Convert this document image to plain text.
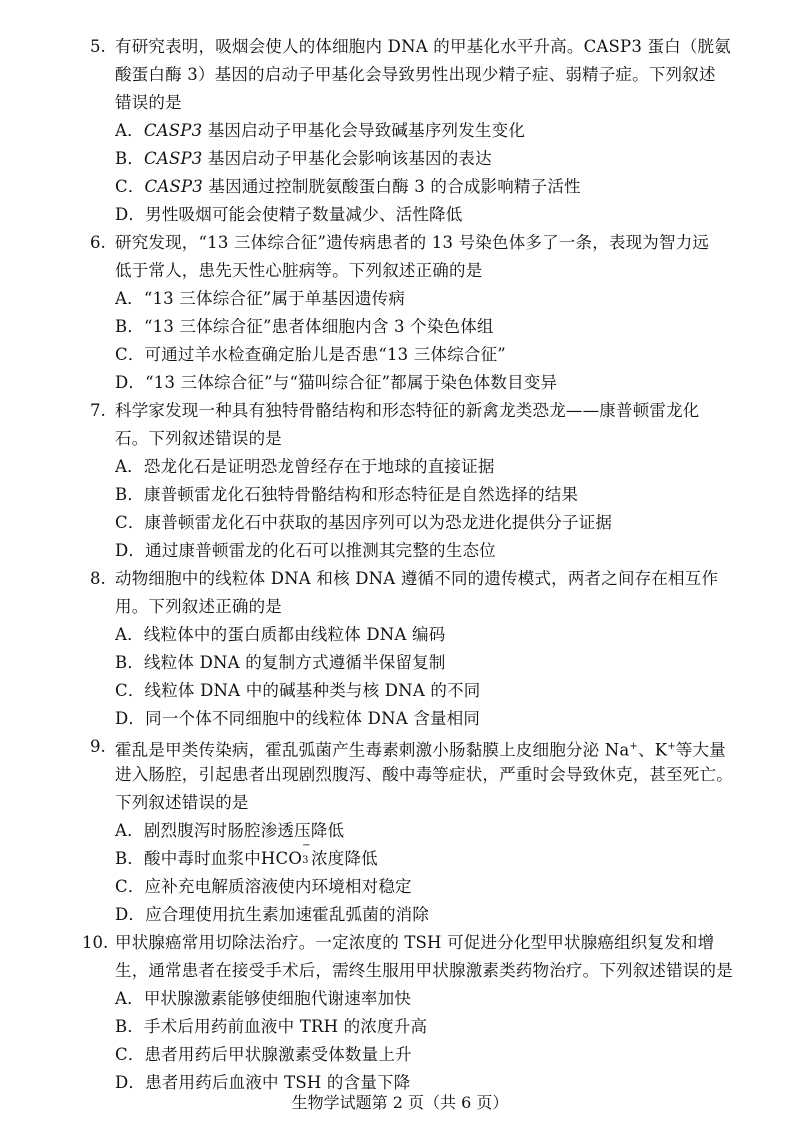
5. 有研究表明，吸烟会使人的体细胞内 DNA 的甲基化水平升高。CASP3 蛋白（胱氨
酸蛋白酶 3）基因的启动子甲基化会导致男性出现少精子症、弱精子症。下列叙述
错误的是
A．CASP3 基因启动子甲基化会导致碱基序列发生变化
B．CASP3 基因启动子甲基化会影响该基因的表达
C．CASP3 基因通过控制胱氨酸蛋白酶 3 的合成影响精子活性
D．男性吸烟可能会使精子数量减少、活性降低
6. 研究发现，“13 三体综合征”遗传病患者的 13 号染色体多了一条，表现为智力远
低于常人，患先天性心脏病等。下列叙述正确的是
A．“13 三体综合征”属于单基因遗传病
B．“13 三体综合征”患者体细胞内含 3 个染色体组
C．可通过羊水检查确定胎儿是否患“13 三体综合征”
D．“13 三体综合征”与“猫叫综合征”都属于染色体数目变异
7. 科学家发现一种具有独特骨骼结构和形态特征的新禽龙类恐龙——康普顿雷龙化
石。下列叙述错误的是
A．恐龙化石是证明恐龙曾经存在于地球的直接证据
B．康普顿雷龙化石独特骨骼结构和形态特征是自然选择的结果
C．康普顿雷龙化石中获取的基因序列可以为恐龙进化提供分子证据
D．通过康普顿雷龙的化石可以推测其完整的生态位
8. 动物细胞中的线粒体 DNA 和核 DNA 遵循不同的遗传模式，两者之间存在相互作
用。下列叙述正确的是
A．线粒体中的蛋白质都由线粒体 DNA 编码
B．线粒体 DNA 的复制方式遵循半保留复制
C．线粒体 DNA 中的碱基种类与核 DNA 的不同
D．同一个体不同细胞中的线粒体 DNA 含量相同
9. 霍乱是甲类传染病，霍乱弧菌产生毒素刺激小肠黏膜上皮细胞分泌 Na+、K+等大量
进入肠腔，引起患者出现剧烈腹泻、酸中毒等症状，严重时会导致休克，甚至死亡。
下列叙述错误的是
A．剧烈腹泻时肠腔渗透压降低
B．酸中毒时血浆中HCO
−
3 浓度降低
C．应补充电解质溶液使内环境相对稳定
D．应合理使用抗生素加速霍乱弧菌的消除
10. 甲状腺癌常用切除法治疗。一定浓度的 TSH 可促进分化型甲状腺癌组织复发和增
生，通常患者在接受手术后，需终生服用甲状腺激素类药物治疗。下列叙述错误的是
A．甲状腺激素能够使细胞代谢速率加快
B．手术后用药前血液中 TRH 的浓度升高
C．患者用药后甲状腺激素受体数量上升
D．患者用药后血液中 TSH 的含量下降
生物学试题第 2 页（共 6 页）
